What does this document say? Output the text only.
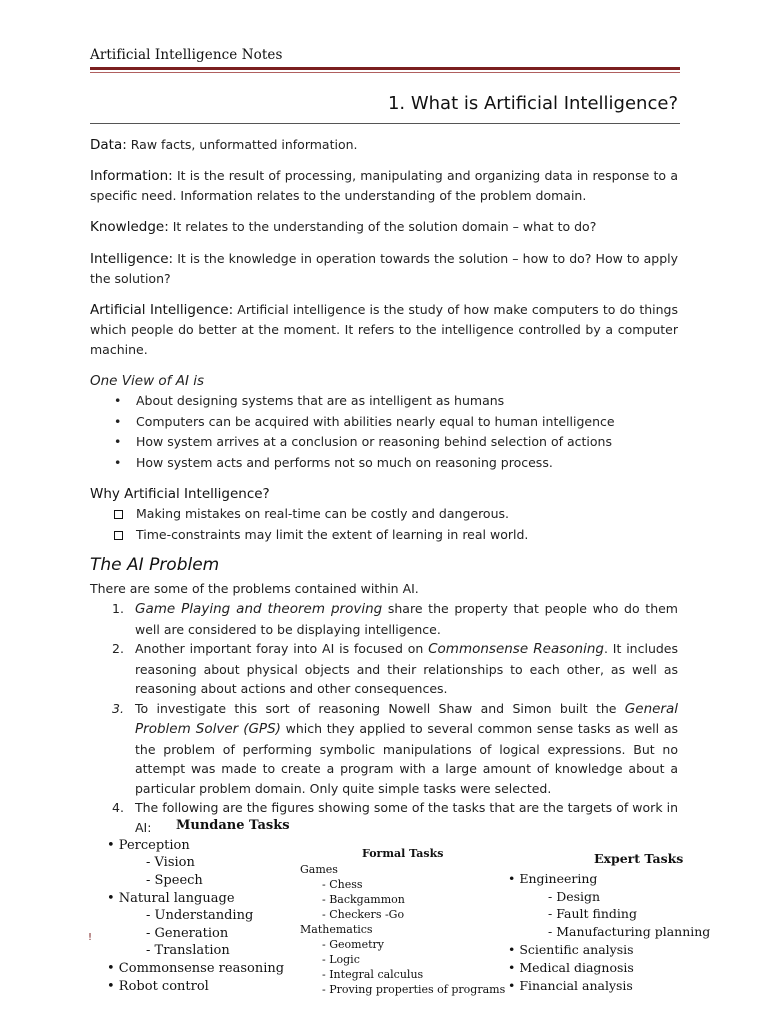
Artificial Intelligence Notes
1. What is Artificial Intelligence?
Data: Raw facts, unformatted information.
Information: It is the result of processing, manipulating and organizing data in response to a specific need. Information relates to the understanding of the problem domain.
Knowledge: It relates to the understanding of the solution domain – what to do?
Intelligence: It is the knowledge in operation towards the solution – how to do? How to apply the solution?
Artificial Intelligence: Artificial intelligence is the study of how make computers to do things which people do better at the moment. It refers to the intelligence controlled by a computer machine.
One View of AI is
• About designing systems that are as intelligent as humans
• Computers can be acquired with abilities nearly equal to human intelligence
• How system arrives at a conclusion or reasoning behind selection of actions
• How system acts and performs not so much on reasoning process.
Why Artificial Intelligence?
Making mistakes on real-time can be costly and dangerous.
Time-constraints may limit the extent of learning in real world.
The AI Problem
There are some of the problems contained within AI.
1. Game Playing and theorem proving share the property that people who do them well are considered to be displaying intelligence.
2. Another important foray into AI is focused on Commonsense Reasoning. It includes reasoning about physical objects and their relationships to each other, as well as reasoning about actions and other consequences.
3. To investigate this sort of reasoning Nowell Shaw and Simon built the General Problem Solver (GPS) which they applied to several common sense tasks as well as the problem of performing symbolic manipulations of logical expressions. But no attempt was made to create a program with a large amount of knowledge about a particular problem domain. Only quite simple tasks were selected.
4. The following are the figures showing some of the tasks that are the targets of work in AI:	Mundane Tasks
• Perception
- Vision
- Speech
• Natural language
- Understanding
- Generation
- Translation
• Commonsense reasoning
• Robot control
Formal Tasks
Games
- Chess
- Backgammon
- Checkers -Go
Mathematics
- Geometry
- Logic
- Integral calculus
- Proving properties of programs
Expert Tasks
• Engineering
- Design
- Fault finding
- Manufacturing planning
• Scientific analysis
• Medical diagnosis
• Financial analysis
!
